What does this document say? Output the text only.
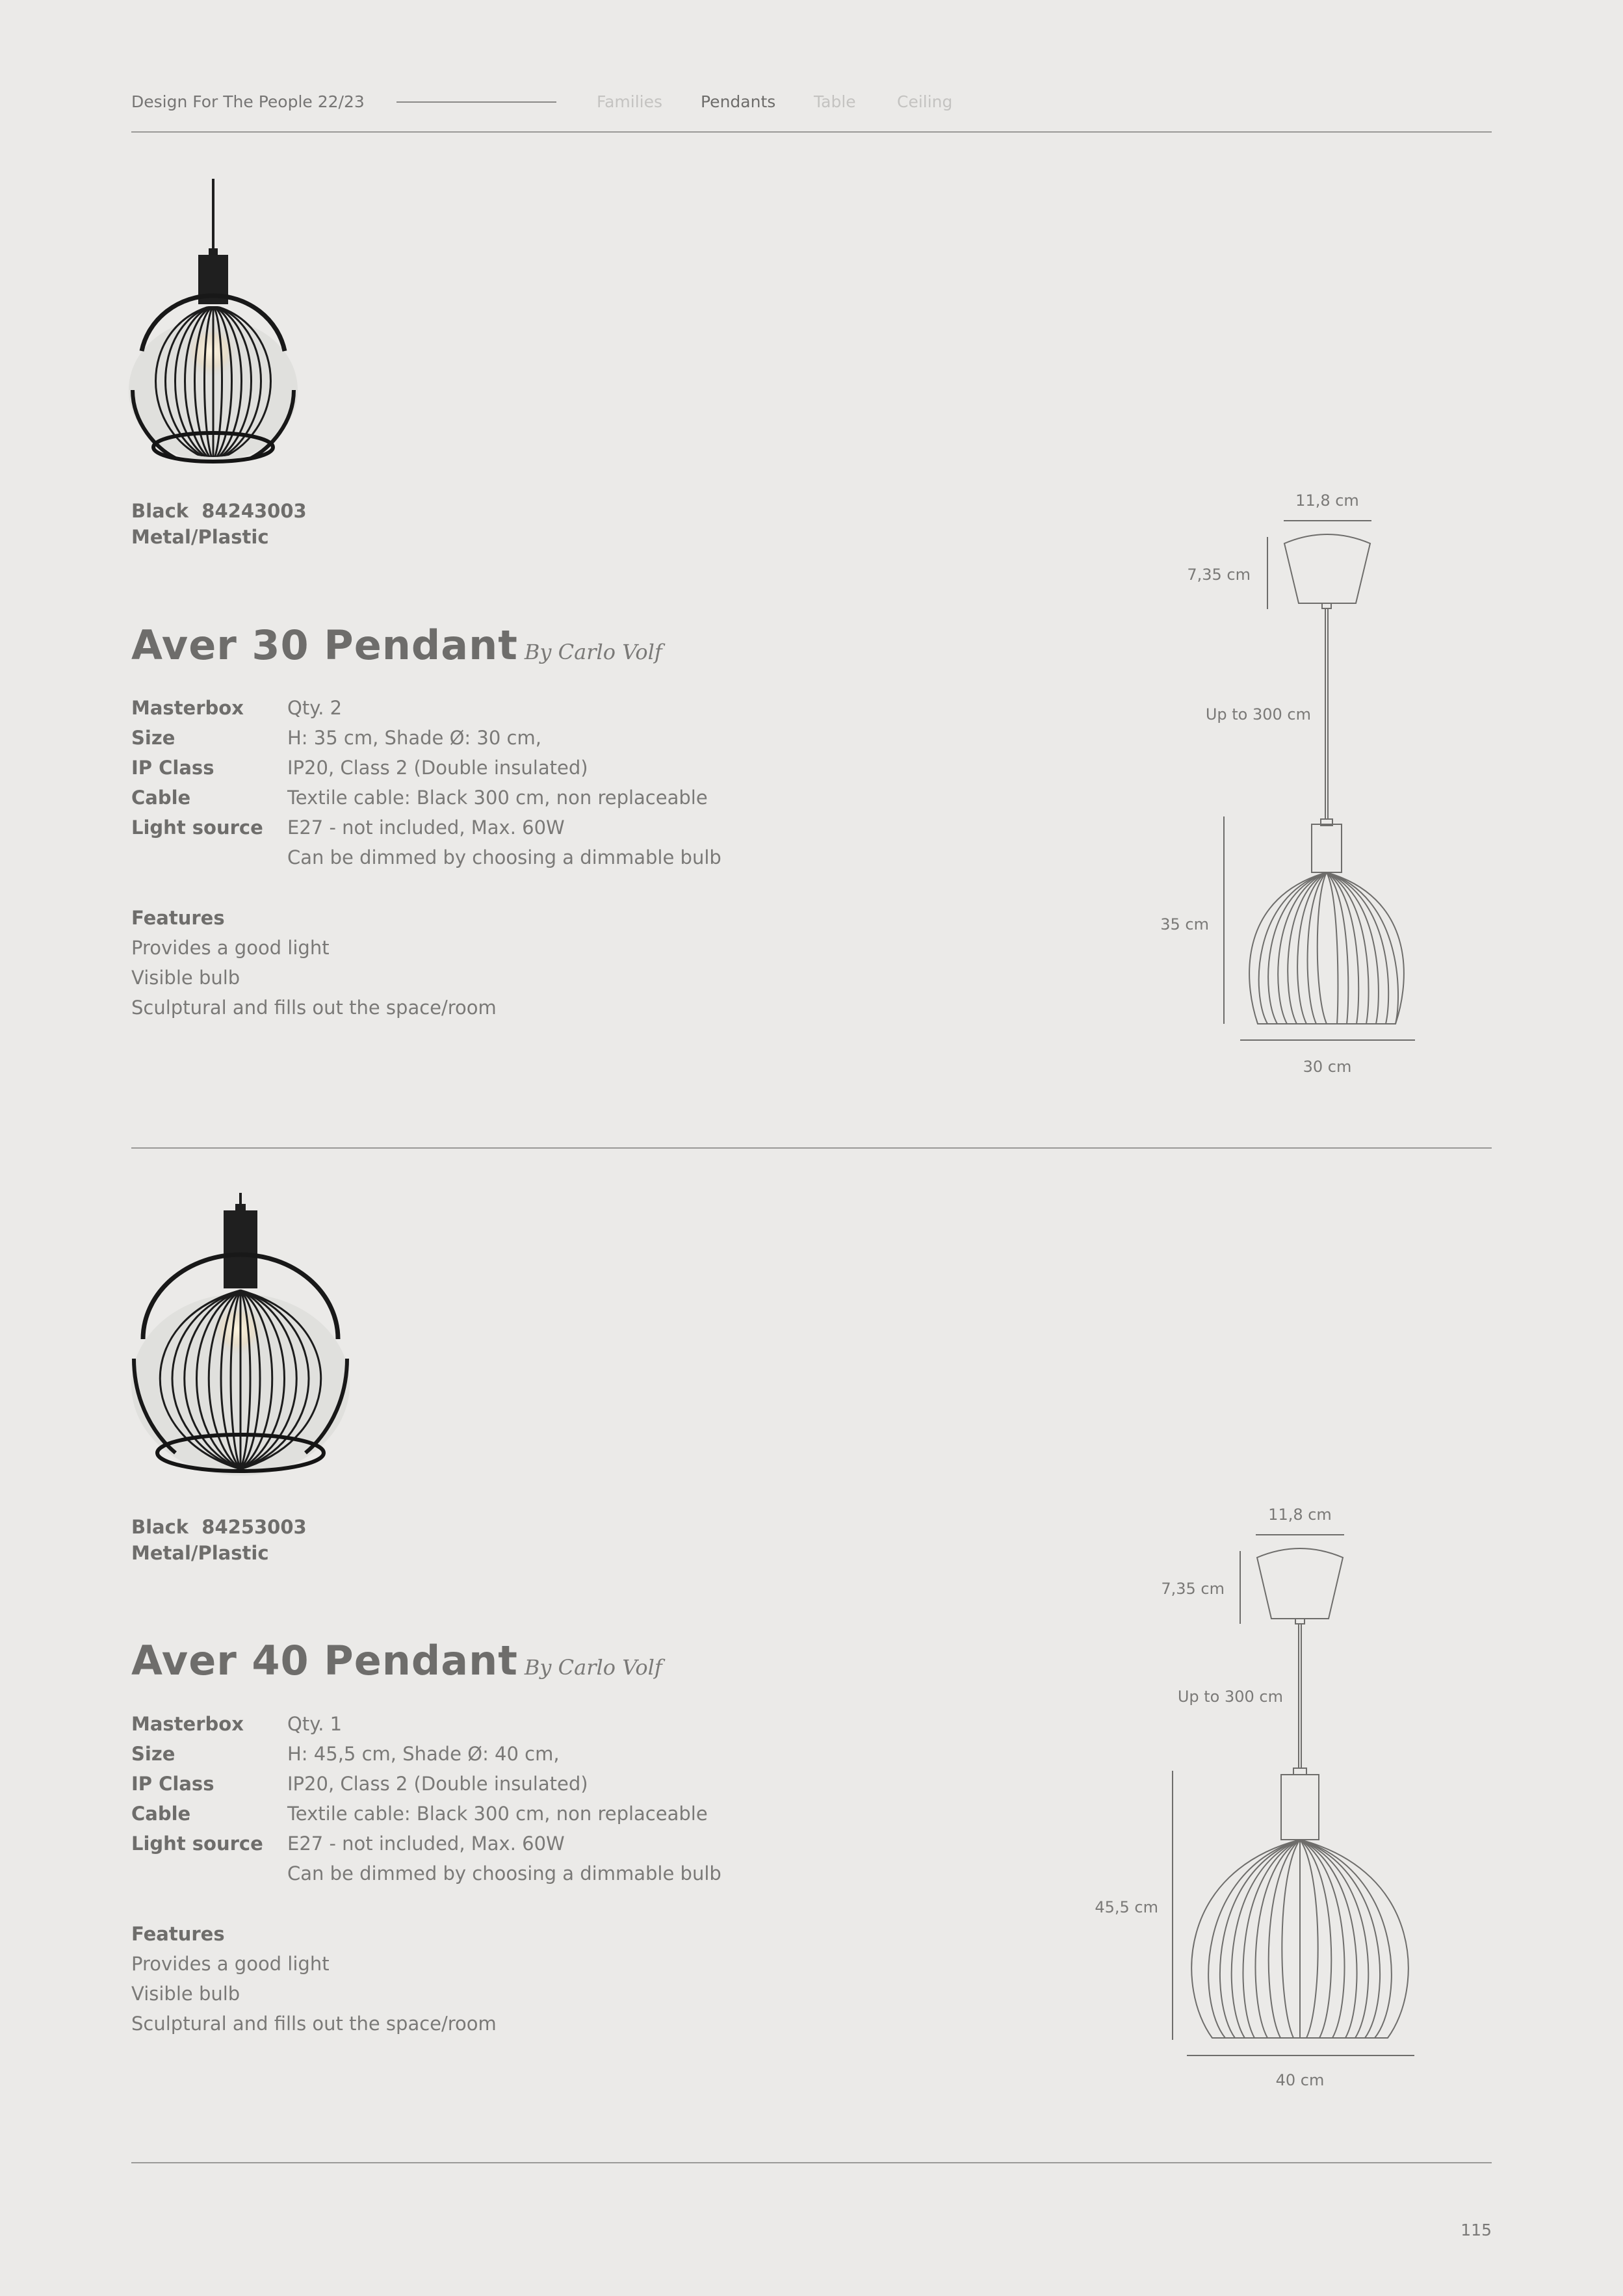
Design For The People 22/23	Families Pendants Table	Ceiling
Black  84243003
Metal/Plastic
Aver 30 Pendant By Carlo Volf
Masterbox	Qty. 2
Size	H: 35 cm, Shade Ø: 30 cm,
IP Class	IP20, Class 2 (Double insulated)
Cable	Textile cable: Black 300 cm, non replaceable
Light source	E27 - not included, Max. 60W
Can be dimmed by choosing a dimmable bulb
Features
Provides a good light
Visible bulb
Sculptural and fills out the space/room
11,8 cm
7,35 cm
Up to 300 cm
35 cm
30 cm
Black  84253003
Metal/Plastic
Aver 40 Pendant By Carlo Volf
Masterbox	Qty. 1
Size	H: 45,5 cm, Shade Ø: 40 cm,
IP Class	IP20, Class 2 (Double insulated)
Cable	Textile cable: Black 300 cm, non replaceable
Light source	E27 - not included, Max. 60W
Can be dimmed by choosing a dimmable bulb
Features
Provides a good light
Visible bulb
Sculptural and fills out the space/room
11,8 cm
7,35 cm
Up to 300 cm
45,5 cm
40 cm
115
